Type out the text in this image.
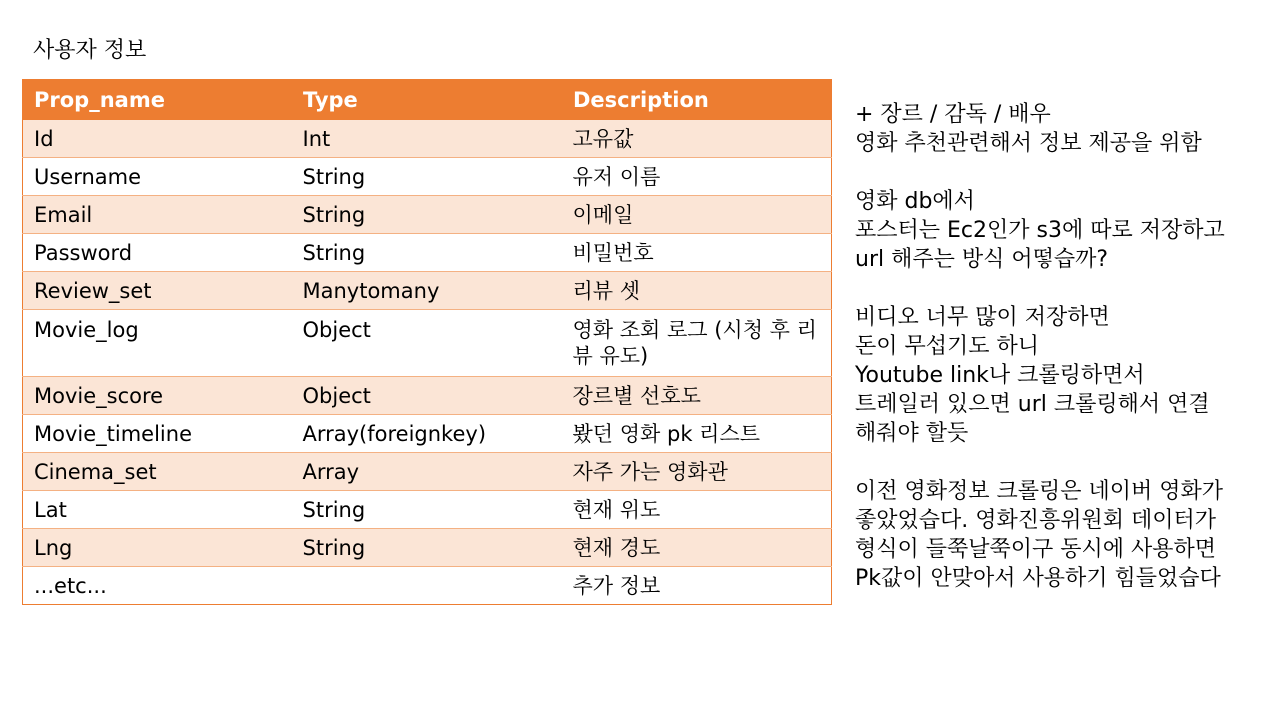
사용자 정보
Prop_name	Type	Description
Id	Int	고유값
Username	String	유저 이름
Email	String	이메일
Password	String	비밀번호
Review_set	Manytomany	리뷰 셋
Movie_log	Object	영화 조회 로그 (시청 후 리뷰 유도)
Movie_score	Object	장르별 선호도
Movie_timeline	Array(foreignkey)	봤던 영화 pk 리스트
Cinema_set	Array	자주 가는 영화관
Lat	String	현재 위도
Lng	String	현재 경도
...etc...		추가 정보
+ 장르 / 감독 / 배우
영화 추천관련해서 정보 제공을 위함
영화 db에서
포스터는 Ec2인가 s3에 따로 저장하고
url 해주는 방식 어떻습까?
비디오 너무 많이 저장하면
돈이 무섭기도 하니
Youtube link나 크롤링하면서
트레일러 있으면 url 크롤링해서 연결
해줘야 할듯
이전 영화정보 크롤링은 네이버 영화가
좋았었습다. 영화진흥위원회 데이터가
형식이 들쭉날쭉이구 동시에 사용하면
Pk값이 안맞아서 사용하기 힘들었습다
